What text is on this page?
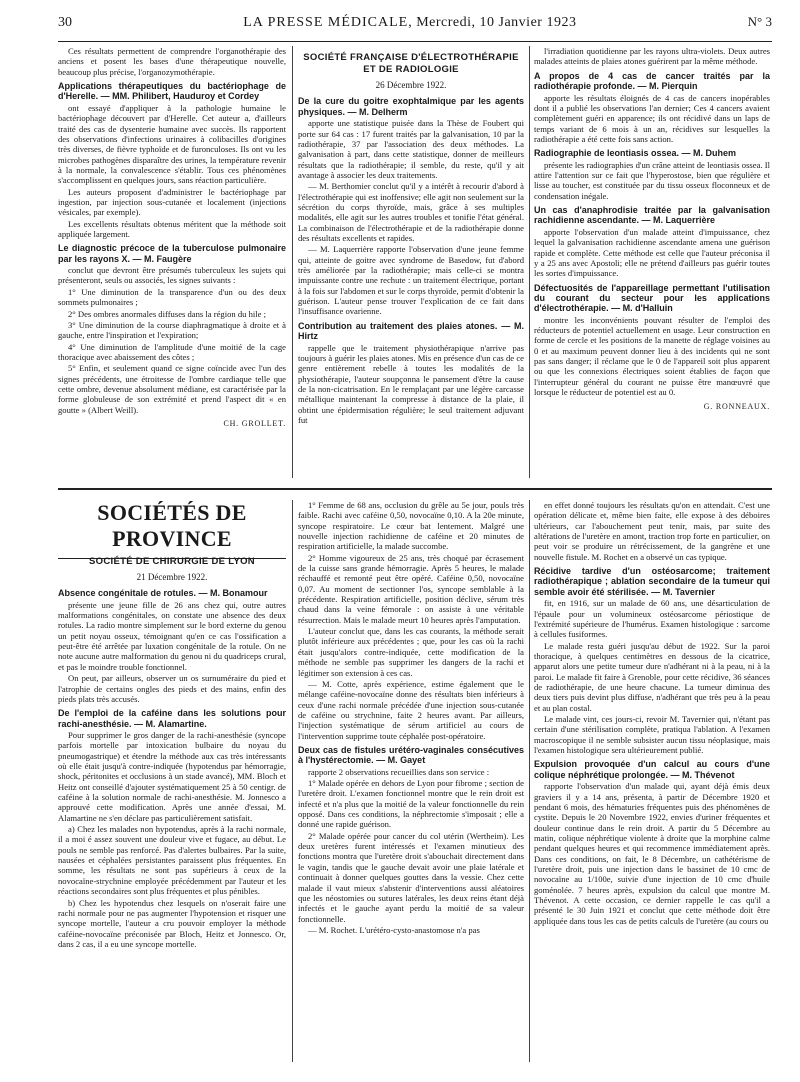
30	LA PRESSE MÉDICALE, Mercredi, 10 Janvier 1923	N° 3

Ces résultats permettent de comprendre l'organothérapie des anciens et posent les bases d'une thérapeutique nouvelle, beaucoup plus précise, l'organozymothérapie.

Applications thérapeutiques du bactériophage de d'Herelle. — MM. Philibert, Hauduroy et Cordey

ont essayé d'appliquer à la pathologie humaine le bactériophage découvert par d'Herelle. Cet auteur a, d'ailleurs traité des cas de dysenterie humaine avec succès. Ils rapportent des observations d'infections urinaires à colibacilles d'origines très diverses, de fièvre typhoïde et de furonculoses. Ils ont vu les microbes pathogènes disparaître des urines, la température revenir à la normale, la convalescence s'établir. Tous ces phénomènes s'accomplissent en quelques jours, sans réaction particulière.

Les auteurs proposent d'administrer le bactériophage par ingestion, par injection sous-cutanée et localement (injections vésicales, par exemple).

Les excellents résultats obtenus méritent que la méthode soit appliquée largement.

Le diagnostic précoce de la tuberculose pulmonaire par les rayons X. — M. Faugère

conclut que devront être présumés tuberculeux les sujets qui présenteront, seuls ou associés, les signes suivants :

1° Une diminution de la transparence d'un ou des deux sommets pulmonaires ;

2° Des ombres anormales diffuses dans la région du hile ;

3° Une diminution de la course diaphragmatique à droite et à gauche, entre l'inspiration et l'expiration;

4° Une diminution de l'amplitude d'une moitié de la cage thoracique avec abaissement des côtes ;

5° Enfin, et seulement quand ce signe coïncide avec l'un des signes précédents, une étroitesse de l'ombre cardiaque telle que cette ombre, devenue absolument médiane, est caractérisée par la forme globuleuse de son extrémité et prend l'aspect dit « en goutte » (Albert Weill).

CH. GROLLET.
SOCIÉTÉ FRANÇAISE D'ÉLECTROTHÉRAPIE ET DE RADIOLOGIE
26 Décembre 1922.
De la cure du goitre exophtalmique par les agents physiques. — M. Delherm

apporte une statistique puisée dans la Thèse de Foubert qui porte sur 64 cas : 17 furent traités par la galvanisation, 10 par la radiothérapie, 37 par l'association des deux méthodes. La galvanisation à part, dans cette statistique, donner de meilleurs résultats que la radiothérapie; il semble, du reste, qu'il y ait avantage à associer les deux traitements.

— M. Berthomier conclut qu'il y a intérêt à recourir d'abord à l'électrothérapie qui est inoffensive; elle agit non seulement sur la sécrétion du corps thyroïde, mais, grâce à ses multiples modalités, elle agit sur les autres troubles et tonifie l'état général. La combinaison de l'électrothérapie et de la radiothérapie donne des résultats excellents et rapides.

— M. Laquerrière rapporte l'observation d'une jeune femme qui, atteinte de goitre avec syndrome de Basedow, fut d'abord très améliorée par la radiothérapie; mais celle-ci se montra impuissante contre une rechute : un traitement électrique, portant à la fois sur l'abdomen et sur le corps thyroïde, permit d'obtenir la guérison. L'auteur pense trouver l'explication de ce fait dans l'insuffisance ovarienne.

Contribution au traitement des plaies atones. — M. Hirtz

rappelle que le traitement physiothérapique n'arrive pas toujours à guérir les plaies atones. Mis en présence d'un cas de ce genre entièrement rebelle à toutes les modalités de la physiothérapie, l'auteur soupçonna le pansement d'être la cause de la non-cicatrisation. En le remplaçant par une légère carcasse métallique maintenant la compresse à distance de la plaie, il obtint une épidermisation régulière; le seul traitement adjuvant fut

l'irradiation quotidienne par les rayons ultra-violets. Deux autres malades atteints de plaies atones guérirent par la même méthode.

A propos de 4 cas de cancer traités par la radiothérapie profonde. — M. Pierquin

apporte les résultats éloignés de 4 cas de cancers inopérables dont il a publié les observations l'an dernier; Ces 4 cancers avaient complètement guéri en apparence; ils ont récidivé dans un laps de temps variant de 6 mois à un an, récidives sur lesquelles la radiothérapie a été cette fois sans action.

Radiographie de leontiasis ossea. — M. Duhem

présente les radiographies d'un crâne atteint de leontiasis ossea. Il attire l'attention sur ce fait que l'hyperostose, bien que régulière et lisse au toucher, est constituée par du tissu osseux floconneux et de condensation inégale.

Un cas d'anaphrodisie traitée par la galvanisation rachidienne ascendante. — M. Laquerrière

apporte l'observation d'un malade atteint d'impuissance, chez lequel la galvanisation rachidienne ascendante amena une guérison rapide et complète. Cette méthode est celle que l'auteur préconisa il y a 25 ans avec Apostoli; elle ne prétend d'ailleurs pas guérir toutes les sortes d'impuissance.

Défectuosités de l'appareillage permettant l'utilisation du courant du secteur pour les applications d'électrothérapie. — M. d'Halluin

montre les inconvénients pouvant résulter de l'emploi des réducteurs de potentiel actuellement en usage. Leur construction en forme de cercle et les positions de la manette de réglage voisines au 0 et au maximum peuvent donner lieu à des incidents qui ne sont pas sans danger; il réclame que le 0 de l'appareil soit plus apparent ou que les connexions électriques soient établies de façon que l'interrupteur général du courant ne puisse être manœuvré que lorsque le réducteur de potentiel est au 0.

G. RONNEAUX.
SOCIÉTÉS DE PROVINCE
SOCIÉTÉ DE CHIRURGIE DE LYON
21 Décembre 1922.
Absence congénitale de rotules. — M. Bonamour

présente une jeune fille de 26 ans chez qui, outre autres malformations congénitales, on constate une absence des deux rotules. La radio montre simplement sur le bord externe du genou un petit noyau osseux, témoignant qu'en ce cas l'ossification a peut-être été arrêtée par luxation congénitale de la rotule. On ne note aucune autre malformation du genou ni du quadriceps crural, et pas le moindre trouble fonctionnel.

On peut, par ailleurs, observer un os surnuméraire du pied et l'atrophie de certains ongles des pieds et des mains, enfin des pieds plats très accusés.

De l'emploi de la caféine dans les solutions pour rachi-anesthésie. — M. Alamartine.

Pour supprimer le gros danger de la rachi-anesthésie (syncope parfois mortelle par intoxication bulbaire du noyau du pneumogastrique) et étendre la méthode aux cas très intéressants où elle était jusqu'à contre-indiquée (hypotendus par hémorragie, shock, péritonites et occlusions à un stade avancé), MM. Bloch et Heitz ont conseillé d'ajouter systématiquement 25 à 50 centigr. de caféine à la solution normale de rachi-anesthésie. M. Jonnesco a approuvé cette modification. Après une année d'essai, M. Alamartine ne s'en déclare pas particulièrement satisfait.

a) Chez les malades non hypotendus, après à la rachi normale, il a moi é assez souvent une douleur vive et fugace, au début. Le pouls ne semble pas renforcé. Pas d'alertes bulbaires. Par la suite, nausées et céphalées persistantes paraissent plus fréquentes. En somme, les résultats ne sont pas supérieurs à ceux de la novocaïne-strychnine employée précédemment par l'auteur et les réactions secondaires sont plus fréquentes et plus pénibles.

b) Chez les hypotendus chez lesquels on n'oserait faire une rachi normale pour ne pas augmenter l'hypotension et risquer une syncope mortelle, l'auteur a cru pouvoir employer la méthode caféine-novocaïne préconisée par Bloch, Heitz et Jonnesco. Or, dans 2 cas, il a eu une syncope mortelle.

1° Femme de 68 ans, occlusion du grêle au 5e jour, pouls très faible. Rachi avec caféine 0,50, novocaïne 0,10. A la 20e minute, syncope respiratoire. Le cœur bat lentement. Malgré une nouvelle injection rachidienne de caféine et 20 minutes de respiration artificielle, la malade succombe.

2° Homme vigoureux de 25 ans, très choqué par écrasement de la cuisse sans grande hémorragie. Après 5 heures, le malade réchauffé et remonté peut être opéré. Caféine 0,50, novocaïne 0,07. Au moment de sectionner l'os, syncope semblable à la précédente. Respiration artificielle, position déclive, sérum très chaud dans la veine fémorale : on assiste à une véritable résurrection. Mais le malade meurt 10 heures après l'amputation.

L'auteur conclut que, dans les cas courants, la méthode serait plutôt inférieure aux précédentes ; que, pour les cas où la rachi était jusqu'alors contre-indiquée, cette modification de la méthode ne semble pas supprimer les dangers de la rachi et légitimer son extension à ces cas.

— M. Cotte, après expérience, estime également que le mélange caféine-novocaïne donne des résultats bien inférieurs à ceux d'une rachi normale précédée d'une injection sous-cutanée de caféine ou strychnine, faite 2 heures avant. Par ailleurs, l'injection systématique de sérum artificiel au cours de l'intervention supprime toute céphalée post-opératoire.

Deux cas de fistules urétéro-vaginales consécutives à l'hystérectomie. — M. Gayet

rapporte 2 observations recueillies dans son service :

1° Malade opérée en dehors de Lyon pour fibrome ; section de l'uretère droit. L'examen fonctionnel montre que le rein droit est infecté et n'a plus que la moitié de la valeur fonctionnelle du rein opposé. Dans ces conditions, la néphrectomie s'imposait ; elle a donné une rapide guérison.

2° Malade opérée pour cancer du col utérin (Wertheim). Les deux uretères furent intéressés et l'examen minutieux des fonctions montra que l'uretère droit s'abouchait directement dans le vagin, tandis que le gauche devait avoir une plaie latérale et continuait à donner quelques gouttes dans la vessie. Chez cette malade il vaut mieux s'abstenir d'interventions aussi aléatoires que les néostomies ou sutures latérales, les deux reins étant déjà infectés et le gauche ayant perdu la moitié de sa valeur fonctionnelle.

— M. Rochet. L'urétéro-cysto-anastomose n'a pas

en effet donné toujours les résultats qu'on en attendait. C'est une opération délicate et, même bien faite, elle expose à des déboires ultérieurs, car l'abouchement peut tenir, mais, par suite des altérations de l'uretère en amont, traction trop forte en particulier, on peut voir se produire un rétrécissement, de la gangrène et une nouvelle fistule. M. Rochet en a observé un cas typique.

Récidive tardive d'un ostéosarcome; traitement radiothérapique ; ablation secondaire de la tumeur qui semble avoir été stérilisée. — M. Tavernier

fit, en 1916, sur un malade de 60 ans, une désarticulation de l'épaule pour un volumineux ostéosarcome périostique de l'extrémité supérieure de l'humérus. Examen histologique : sarcome à cellules fusiformes.

Le malade resta guéri jusqu'au début de 1922. Sur la paroi thoracique, à quelques centimètres en dessous de la cicatrice, apparut alors une petite tumeur dure n'adhérant ni à la peau, ni à la paroi. Le malade fit faire à Grenoble, pour cette récidive, 36 séances de radiothérapie, de une heure chacune. La tumeur diminua des deux tiers puis devint plus diffuse, n'adhérant que très peu à la peau et au plan costal.

Le malade vint, ces jours-ci, revoir M. Tavernier qui, n'étant pas certain d'une stérilisation complète, pratiqua l'ablation. A l'examen macroscopique il ne semble subsister aucun tissu néoplasique, mais l'examen histologique sera ultérieurement publié.

Expulsion provoquée d'un calcul au cours d'une colique néphrétique prolongée. — M. Thévenot

rapporte l'observation d'un malade qui, ayant déjà émis deux graviers il y a 14 ans, présenta, à partir de Décembre 1920 et pendant 6 mois, des hématuries fréquentes puis des phénomènes de cystite. Depuis le 20 Novembre 1922, envies d'uriner fréquentes et douleur continue dans le rein droit. A partir du 5 Décembre au matin, colique néphrétique violente à droite que la morphine calme pendant quelques heures et qui recommence immédiatement après. Dans ces conditions, on fait, le 8 Décembre, un cathétérisme de l'uretère droit, puis une injection dans le bassinet de 10 cmc de novocaïne au 1/100e, suivie d'une injection de 10 cmc d'huile goménolée. 7 heures après, expulsion du calcul que montre M. Thévenot. A cette occasion, ce dernier rappelle le cas qu'il a présenté le 30 Juin 1921 et conclut que cette méthode doit être appliquée dans tous les cas de petits calculs de l'uretère (au cours ou
